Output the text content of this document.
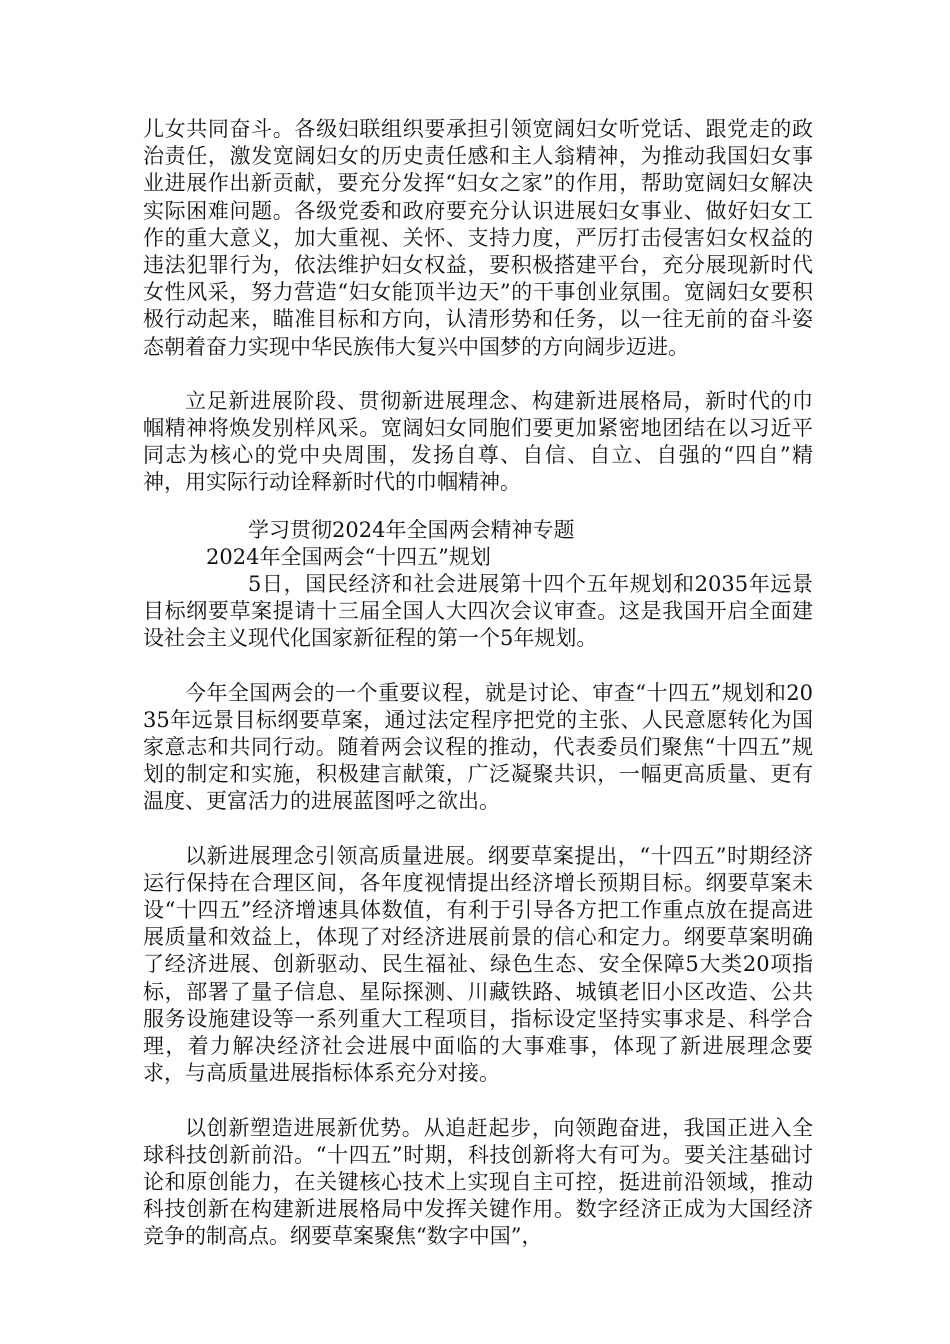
儿女共同奋斗。各级妇联组织要承担引领宽阔妇女听党话、跟党走的政治责任，激发宽阔妇女的历史责任感和主人翁精神，为推动我国妇女事业进展作出新贡献，要充分发挥“妇女之家”的作用，帮助宽阔妇女解决实际困难问题。各级党委和政府要充分认识进展妇女事业、做好妇女工作的重大意义，加大重视、关怀、支持力度，严厉打击侵害妇女权益的违法犯罪行为，依法维护妇女权益，要积极搭建平台，充分展现新时代女性风采，努力营造“妇女能顶半边天”的干事创业氛围。宽阔妇女要积极行动起来，瞄准目标和方向，认清形势和任务，以一往无前的奋斗姿态朝着奋力实现中华民族伟大复兴中国梦的方向阔步迈进。

立足新进展阶段、贯彻新进展理念、构建新进展格局，新时代的巾帼精神将焕发别样风采。宽阔妇女同胞们要更加紧密地团结在以习近平同志为核心的党中央周围，发扬自尊、自信、自立、自强的“四自”精神，用实际行动诠释新时代的巾帼精神。

学习贯彻2024年全国两会精神专题

2024年全国两会“十四五”规划

5日，国民经济和社会进展第十四个五年规划和2035年远景目标纲要草案提请十三届全国人大四次会议审查。这是我国开启全面建设社会主义现代化国家新征程的第一个5年规划。

今年全国两会的一个重要议程，就是讨论、审查“十四五”规划和2035年远景目标纲要草案，通过法定程序把党的主张、人民意愿转化为国家意志和共同行动。随着两会议程的推动，代表委员们聚焦“十四五”规划的制定和实施，积极建言献策，广泛凝聚共识，一幅更高质量、更有温度、更富活力的进展蓝图呼之欲出。

以新进展理念引领高质量进展。纲要草案提出，“十四五”时期经济运行保持在合理区间，各年度视情提出经济增长预期目标。纲要草案未设“十四五”经济增速具体数值，有利于引导各方把工作重点放在提高进展质量和效益上，体现了对经济进展前景的信心和定力。纲要草案明确了经济进展、创新驱动、民生福祉、绿色生态、安全保障5大类20项指标，部署了量子信息、星际探测、川藏铁路、城镇老旧小区改造、公共服务设施建设等一系列重大工程项目，指标设定坚持实事求是、科学合理，着力解决经济社会进展中面临的大事难事，体现了新进展理念要求，与高质量进展指标体系充分对接。

以创新塑造进展新优势。从追赶起步，向领跑奋进，我国正进入全球科技创新前沿。“十四五”时期，科技创新将大有可为。要关注基础讨论和原创能力，在关键核心技术上实现自主可控，挺进前沿领域，推动科技创新在构建新进展格局中发挥关键作用。数字经济正成为大国经济竞争的制高点。纲要草案聚焦“数字中国”，
